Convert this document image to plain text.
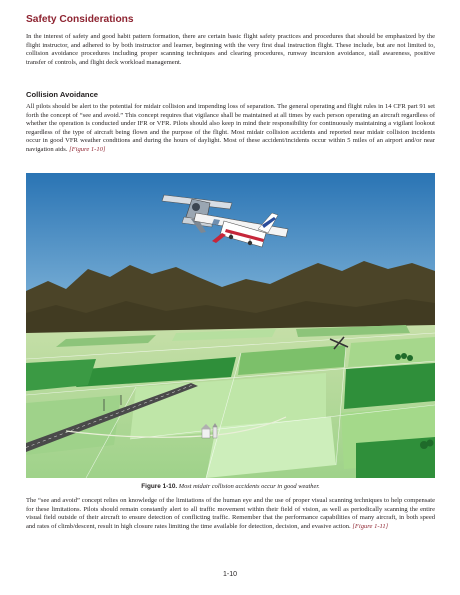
Safety Considerations

In the interest of safety and good habit pattern formation, there are certain basic flight safety practices and procedures that should be emphasized by the flight instructor, and adhered to by both instructor and learner, beginning with the very first dual instruction flight. These include, but are not limited to, collision avoidance procedures including proper scanning techniques and clearing procedures, runway incursion avoidance, stall awareness, positive transfer of controls, and flight deck workload management.

Collision Avoidance

All pilots should be alert to the potential for midair collision and impending loss of separation. The general operating and flight rules in 14 CFR part 91 set forth the concept of “see and avoid.” This concept requires that vigilance shall be maintained at all times by each person operating an aircraft regardless of whether the operation is conducted under IFR or VFR. Pilots should also keep in mind their responsibility for continuously maintaining a vigilant lookout regardless of the type of aircraft being flown and the purpose of the flight. Most midair collision accidents and reported near midair collision incidents occur in good VFR weather conditions and during the hours of daylight. Most of these accident/incidents occur within 5 miles of an airport and/or near navigation aids. [Figure 1-10]

Figure 1-10. Most midair collision accidents occur in good weather.

The “see and avoid” concept relies on knowledge of the limitations of the human eye and the use of proper visual scanning techniques to help compensate for these limitations. Pilots should remain constantly alert to all traffic movement within their field of vision, as well as periodically scanning the entire visual field outside of their aircraft to ensure detection of conflicting traffic. Remember that the performance capabilities of many aircraft, in both speed and rates of climb/descent, result in high closure rates limiting the time available for detection, decision, and evasive action. [Figure 1-11]

1-10
